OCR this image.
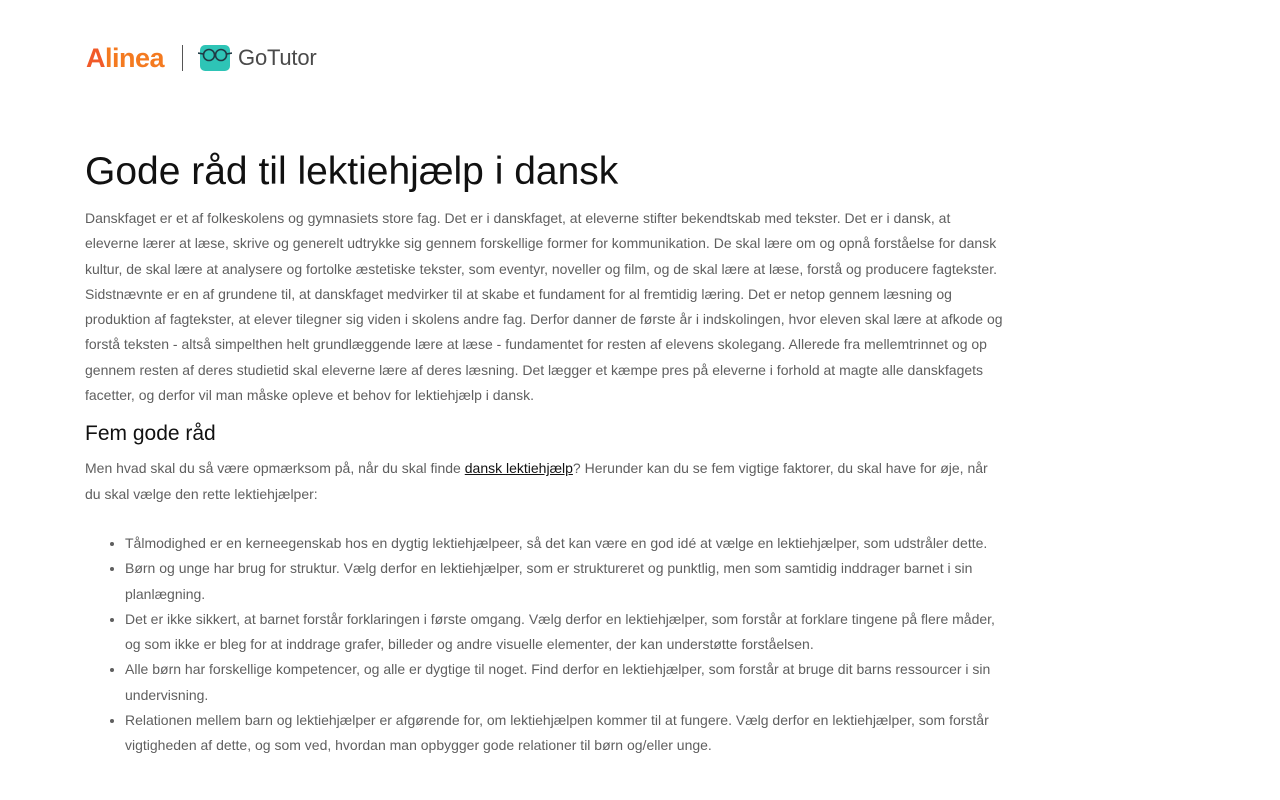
A linea	GoTutor
Gode råd til lektiehjælp i dansk

Danskfaget er et af folkeskolens og gymnasiets store fag. Det er i danskfaget, at eleverne stifter bekendtskab med tekster. Det er i dansk, at eleverne lærer at læse, skrive og generelt udtrykke sig gennem forskellige former for kommunikation. De skal lære om og opnå forståelse for dansk kultur, de skal lære at analysere og fortolke æstetiske tekster, som eventyr, noveller og film, og de skal lære at læse, forstå og producere fagtekster. Sidstnævnte er en af grundene til, at danskfaget medvirker til at skabe et fundament for al fremtidig læring. Det er netop gennem læsning og produktion af fagtekster, at elever tilegner sig viden i skolens andre fag. Derfor danner de første år i indskolingen, hvor eleven skal lære at afkode og forstå teksten - altså simpelthen helt grundlæggende lære at læse - fundamentet for resten af elevens skolegang. Allerede fra mellemtrinnet og op gennem resten af deres studietid skal eleverne lære af deres læsning. Det lægger et kæmpe pres på eleverne i forhold at magte alle danskfagets facetter, og derfor vil man måske opleve et behov for lektiehjælp i dansk.

Fem gode råd

Men hvad skal du så være opmærksom på, når du skal finde dansk lektiehjælp? Herunder kan du se fem vigtige faktorer, du skal have for øje, når du skal vælge den rette lektiehjælper:

• Tålmodighed er en kerneegenskab hos en dygtig lektiehjælpeer, så det kan være en god idé at vælge en lektiehjælper, som udstråler dette.
• Børn og unge har brug for struktur. Vælg derfor en lektiehjælper, som er struktureret og punktlig, men som samtidig inddrager barnet i sin planlægning.
• Det er ikke sikkert, at barnet forstår forklaringen i første omgang. Vælg derfor en lektiehjælper, som forstår at forklare tingene på flere måder, og som ikke er bleg for at inddrage grafer, billeder og andre visuelle elementer, der kan understøtte forståelsen.
• Alle børn har forskellige kompetencer, og alle er dygtige til noget. Find derfor en lektiehjælper, som forstår at bruge dit barns ressourcer i sin undervisning.
• Relationen mellem barn og lektiehjælper er afgørende for, om lektiehjælpen kommer til at fungere. Vælg derfor en lektiehjælper, som forstår vigtigheden af dette, og som ved, hvordan man opbygger gode relationer til børn og/eller unge.
